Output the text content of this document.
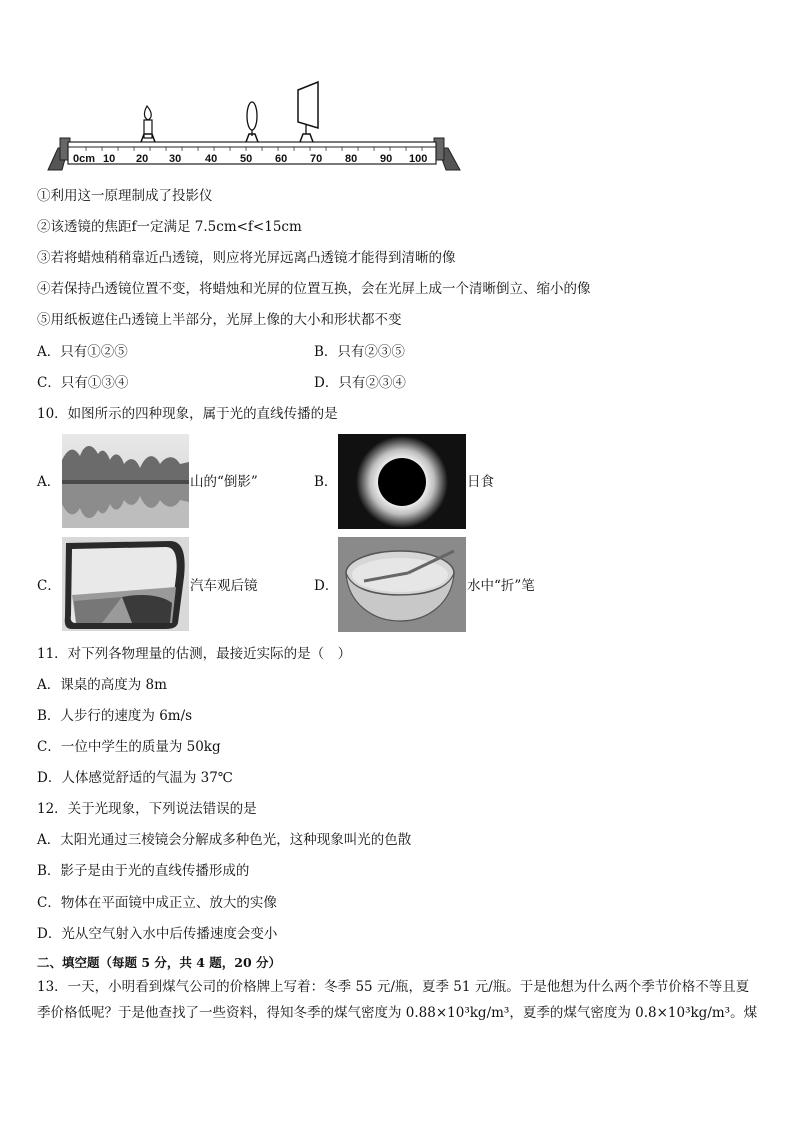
0cm 10 20 30 40 50 60 70 80 90 100
①利用这一原理制成了投影仪
②该透镜的焦距f一定满足 7.5cm<f<15cm
③若将蜡烛稍稍靠近凸透镜，则应将光屏远离凸透镜才能得到清晰的像
④若保持凸透镜位置不变，将蜡烛和光屏的位置互换，会在光屏上成一个清晰倒立、缩小的像
⑤用纸板遮住凸透镜上半部分，光屏上像的大小和形状都不变
A．只有①②⑤	B．只有②③⑤
C．只有①③④	D．只有②③④
10．如图所示的四种现象，属于光的直线传播的是
A．	山的“倒影”	B．	日食
C．	汽车观后镜	D．	水中“折”笔
11．对下列各物理量的估测，最接近实际的是（　）
A．课桌的高度为 8m
B．人步行的速度为 6m/s
C．一位中学生的质量为 50kg
D．人体感觉舒适的气温为 37℃
12．关于光现象，下列说法错误的是
A．太阳光通过三棱镜会分解成多种色光，这种现象叫光的色散
B．影子是由于光的直线传播形成的
C．物体在平面镜中成正立、放大的实像
D．光从空气射入水中后传播速度会变小
二、填空题（每题 5 分，共 4 题，20 分）
13．一天，小明看到煤气公司的价格牌上写着：冬季 55 元/瓶，夏季 51 元/瓶。于是他想为什么两个季节价格不等且夏季价格低呢？于是他查找了一些资料，得知冬季的煤气密度为 0.88×10³kg/m³，夏季的煤气密度为 0.8×10³kg/m³。煤
